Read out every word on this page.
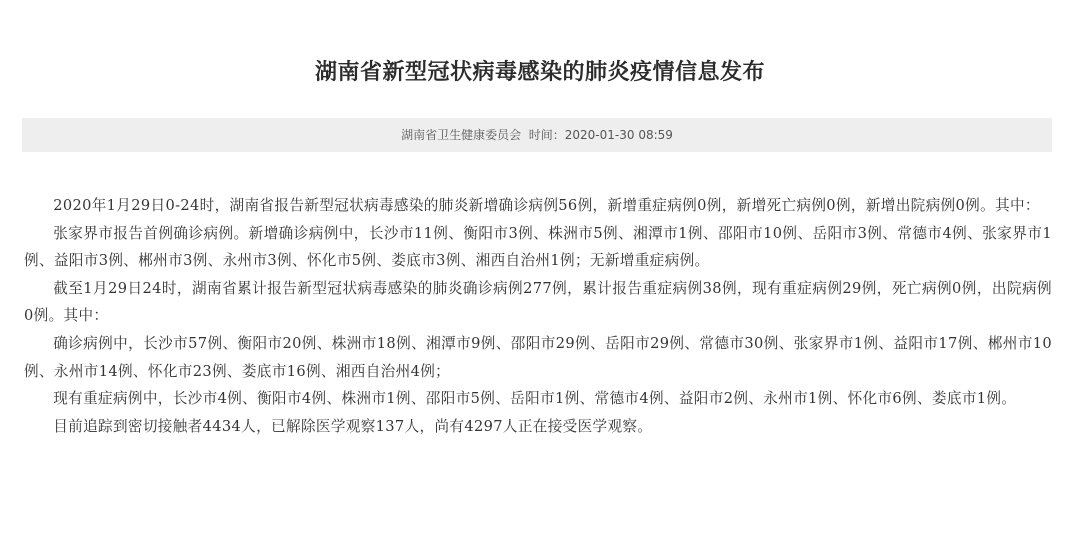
湖南省新型冠状病毒感染的肺炎疫情信息发布
湖南省卫生健康委员会 时间：2020-01-30 08:59

2020年1月29日0-24时，湖南省报告新型冠状病毒感染的肺炎新增确诊病例56例，新增重症病例0例，新增死亡病例0例，新增出院病例0例。其中：

张家界市报告首例确诊病例。新增确诊病例中，长沙市11例、衡阳市3例、株洲市5例、湘潭市1例、邵阳市10例、岳阳市3例、常德市4例、张家界市1例、益阳市3例、郴州市3例、永州市3例、怀化市5例、娄底市3例、湘西自治州1例；无新增重症病例。

截至1月29日24时，湖南省累计报告新型冠状病毒感染的肺炎确诊病例277例，累计报告重症病例38例，现有重症病例29例，死亡病例0例，出院病例0例。其中：

确诊病例中，长沙市57例、衡阳市20例、株洲市18例、湘潭市9例、邵阳市29例、岳阳市29例、常德市30例、张家界市1例、益阳市17例、郴州市10例、永州市14例、怀化市23例、娄底市16例、湘西自治州4例；

现有重症病例中，长沙市4例、衡阳市4例、株洲市1例、邵阳市5例、岳阳市1例、常德市4例、益阳市2例、永州市1例、怀化市6例、娄底市1例。

目前追踪到密切接触者4434人，已解除医学观察137人，尚有4297人正在接受医学观察。
